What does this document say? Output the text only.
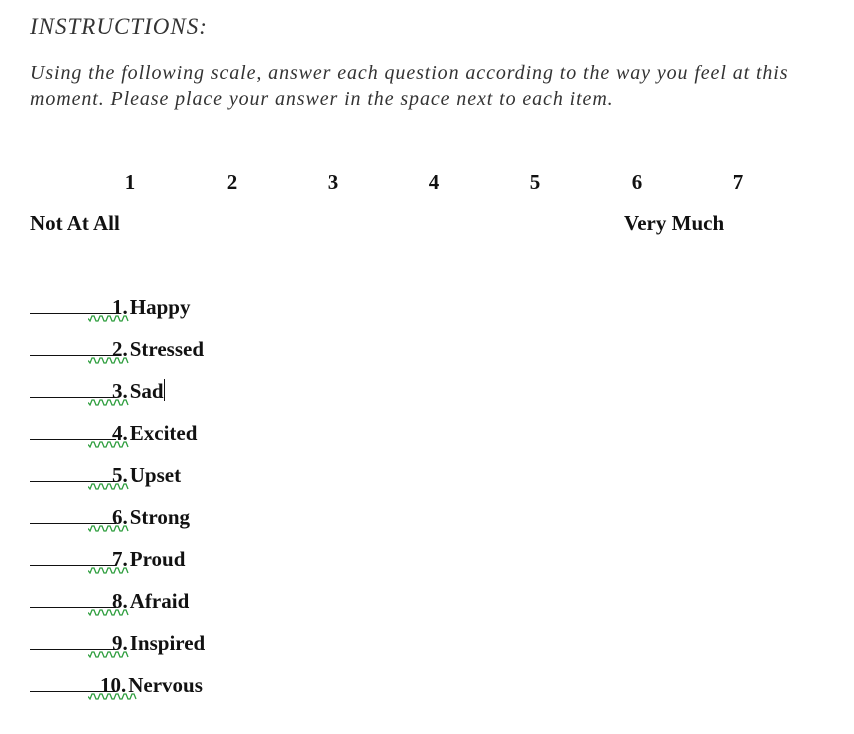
INSTRUCTIONS:
Using the following scale, answer each question according to the way you feel at this moment. Please place your answer in the space next to each item.
1	2	3	4	5	6	7
Not At All	Very Much
1.Happy
2.Stressed
3.Sad
4.Excited
5.Upset
6.Strong
7.Proud
8.Afraid
9.Inspired
10.Nervous
